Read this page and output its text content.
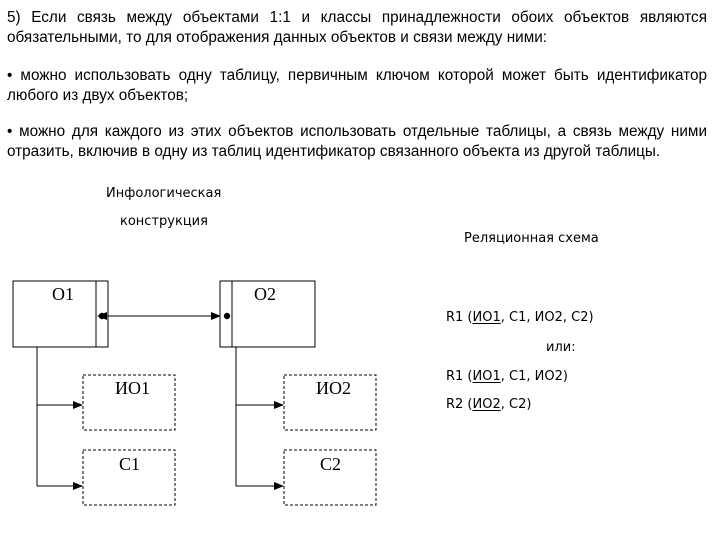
5) Если связь между объектами 1:1 и классы принадлежности обоих объектов являются обязательными, то для отображения данных объектов и связи между ними:

• можно использовать одну таблицу, первичным ключом которой может быть идентификатор любого из двух объектов;

• можно для каждого из этих объектов использовать отдельные таблицы, а связь между ними отразить, включив в одну из таблиц идентификатор связанного объекта из другой таблицы.

Инфологическая
конструкция
Реляционная схема
О1	О2
ИО1
С1
ИО2
С2
R1 (ИО1, С1, ИО2, С2)
или:
R1 (ИО1, С1, ИО2)
R2 (ИО2, С2)
